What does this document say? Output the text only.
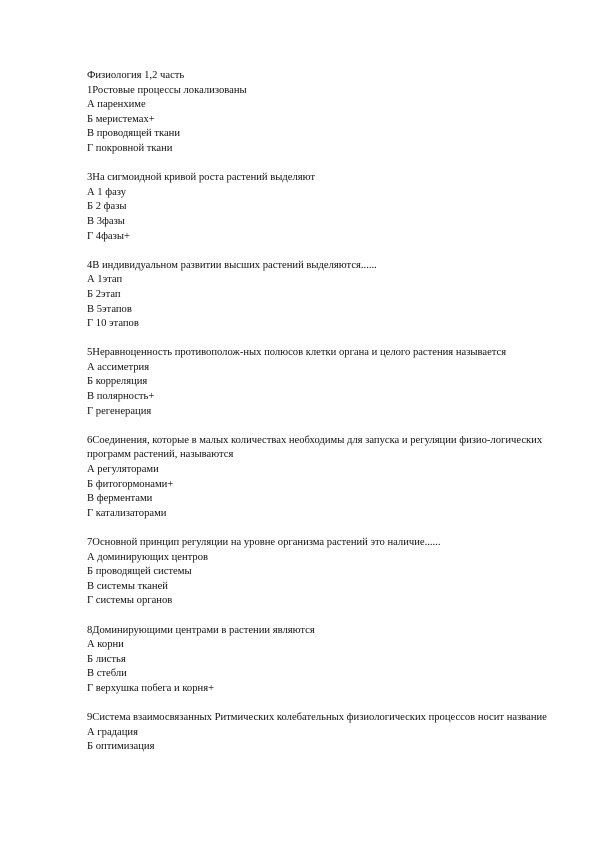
Физиология 1,2 часть

1Ростовые процессы локализованы

А паренхиме

Б меристемах+

В проводящей ткани

Г покровной ткани

3На сигмоидной кривой роста растений выделяют

А 1 фазу

Б 2 фазы

В 3фазы

Г 4фазы+

4В индивидуальном развитии высших растений выделяются......

А 1этап

Б 2этап

В 5этапов

Г 10 этапов

5Неравноценность противополож-ных полюсов клетки органа и целого растения называется

А ассиметрия

Б корреляция

В полярность+

Г регенерация

6Соединения, которые в малых количествах необходимы для запуска и регуляции физио-логических программ растений, называются

А регуляторами

Б фитогормонами+

В ферментами

Г катализаторами

7Основной принцип регуляции на уровне организма растений это наличие......

А доминирующих центров

Б проводящей системы

В системы тканей

Г системы органов

8Доминирующими центрами в растении являются

А корни

Б листья

В стебли

Г верхушка побега и корня+

9Система взаимосвязанных Ритмических колебательных физиологических процессов носит название

А градация

Б оптимизация
